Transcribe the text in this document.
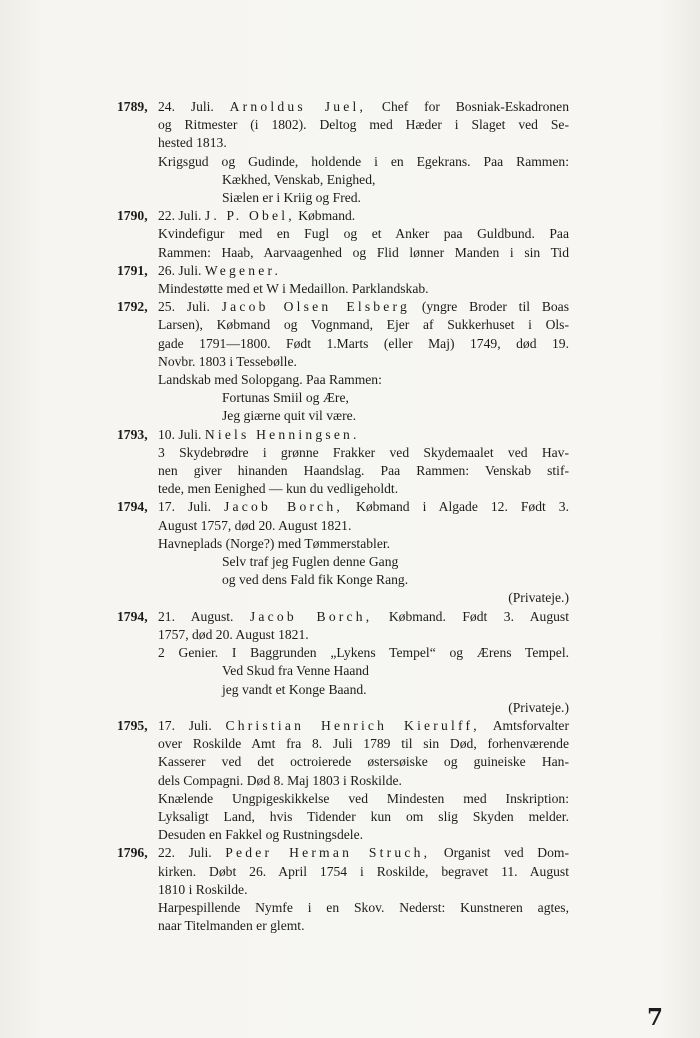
1789, 24. Juli. Arnoldus Juel, Chef for Bosniak-Eskadronen
og Ritmester (i 1802). Deltog med Hæder i Slaget ved Se-
hested 1813.
Krigsgud og Gudinde, holdende i en Egekrans. Paa Rammen:
Kækhed, Venskab, Enighed,
Siælen er i Kriig og Fred.
1790, 22. Juli. J. P. Obel, Købmand.
Kvindefigur med en Fugl og et Anker paa Guldbund. Paa
Rammen: Haab, Aarvaagenhed og Flid lønner Manden i sin Tid
1791, 26. Juli. Wegener.
Mindestøtte med et W i Medaillon. Parklandskab.
1792, 25. Juli. Jacob Olsen Elsberg (yngre Broder til Boas
Larsen), Købmand og Vognmand, Ejer af Sukkerhuset i Ols-
gade 1791—1800. Født 1.Marts (eller Maj) 1749, død 19.
Novbr. 1803 i Tessebølle.
Landskab med Solopgang. Paa Rammen:
Fortunas Smiil og Ære,
Jeg giærne quit vil være.
1793, 10. Juli. Niels Henningsen.
3 Skydebrødre i grønne Frakker ved Skydemaalet ved Hav-
nen giver hinanden Haandslag. Paa Rammen: Venskab stif-
tede, men Eenighed — kun du vedligeholdt.
1794, 17. Juli. Jacob Borch, Købmand i Algade 12. Født 3.
August 1757, død 20. August 1821.
Havneplads (Norge?) med Tømmerstabler.
Selv traf jeg Fuglen denne Gang
og ved dens Fald fik Konge Rang.
(Privateje.)
1794, 21. August. Jacob Borch, Købmand. Født 3. August
1757, død 20. August 1821.
2 Genier. I Baggrunden „Lykens Tempel“ og Ærens Tempel.
Ved Skud fra Venne Haand
jeg vandt et Konge Baand.
(Privateje.)
1795, 17. Juli. Christian Henrich Kierulff, Amtsforvalter
over Roskilde Amt fra 8. Juli 1789 til sin Død, forhenværende
Kasserer ved det octroierede østersøiske og guineiske Han-
dels Compagni. Død 8. Maj 1803 i Roskilde.
Knælende Ungpigeskikkelse ved Mindesten med Inskription:
Lyksaligt Land, hvis Tidender kun om slig Skyden melder.
Desuden en Fakkel og Rustningsdele.
1796, 22. Juli. Peder Herman Struch, Organist ved Dom-
kirken. Døbt 26. April 1754 i Roskilde, begravet 11. August
1810 i Roskilde.
Harpespillende Nymfe i en Skov. Nederst: Kunstneren agtes,
naar Titelmanden er glemt.
7
